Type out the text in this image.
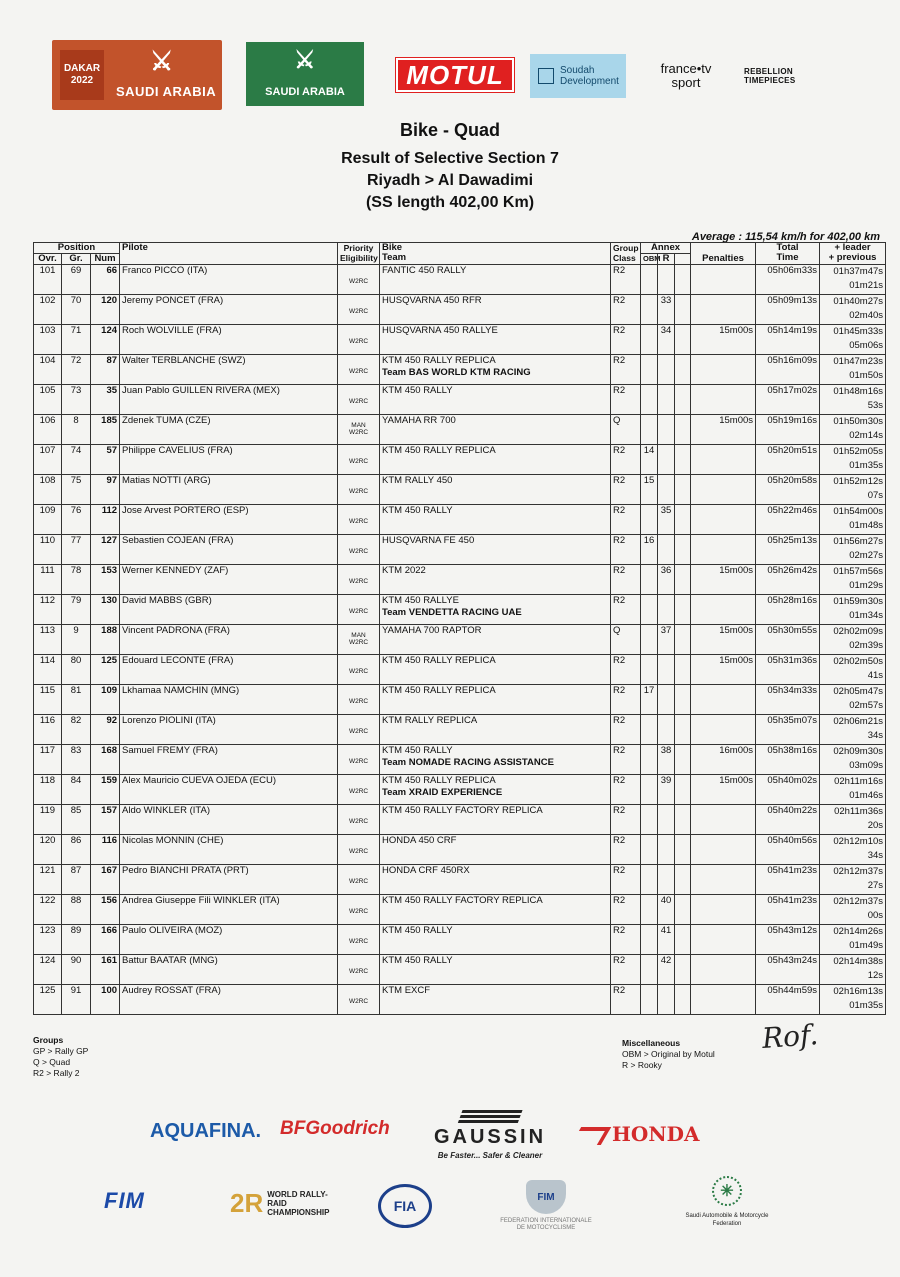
DAKAR
2022
⚔
SAUDI ARABIA
⚔
SAUDI ARABIA
MOTUL	Soudah Development
france•tv
sport
REBELLION TIMEPIECES
Bike - Quad
Result of Selective Section 7
Riyadh > Al Dawadimi
(SS length 402,00 Km)
Average : 115,54 km/h for 402,00 km
Position			Pilote	Priority
Eligibility	Bike
Team	Group
Class	Annex			Penalties	Total
Time	+ leader
+ previous

Ovr.	Gr.	Num					OBM	R				
101	69	66	Franco PICCO (ITA)	W2RC	FANTIC 450 RALLY	R2					05h06m33s	01h37m47s
01m21s

102	70	120	Jeremy PONCET (FRA)	W2RC	HUSQVARNA 450 RFR	R2		33			05h09m13s	01h40m27s
02m40s

103	71	124	Roch WOLVILLE (FRA)	W2RC	HUSQVARNA 450 RALLYE	R2		34		15m00s	05h14m19s	01h45m33s
05m06s

104	72	87	Walter TERBLANCHE (SWZ)	W2RC	KTM 450 RALLY REPLICA
Team BAS WORLD KTM RACING	R2					05h16m09s	01h47m23s
01m50s

105	73	35	Juan Pablo GUILLEN RIVERA (MEX)	W2RC	KTM 450 RALLY	R2					05h17m02s	01h48m16s
53s

106	8	185	Zdenek TUMA (CZE)	MAN
W2RC	YAMAHA RR 700	Q				15m00s	05h19m16s	01h50m30s
02m14s

107	74	57	Philippe CAVELIUS (FRA)	W2RC	KTM 450 RALLY REPLICA	R2	14				05h20m51s	01h52m05s
01m35s

108	75	97	Matias NOTTI (ARG)	W2RC	KTM RALLY 450	R2	15				05h20m58s	01h52m12s
07s

109	76	112	Jose Arvest PORTERO (ESP)	W2RC	KTM 450 RALLY	R2		35			05h22m46s	01h54m00s
01m48s

110	77	127	Sebastien COJEAN (FRA)	W2RC	HUSQVARNA FE 450	R2	16				05h25m13s	01h56m27s
02m27s

111	78	153	Werner KENNEDY (ZAF)	W2RC	KTM 2022	R2		36		15m00s	05h26m42s	01h57m56s
01m29s

112	79	130	David MABBS (GBR)	W2RC	KTM 450 RALLYE
Team VENDETTA RACING UAE	R2					05h28m16s	01h59m30s
01m34s

113	9	188	Vincent PADRONA (FRA)	MAN
W2RC	YAMAHA 700 RAPTOR	Q		37		15m00s	05h30m55s	02h02m09s
02m39s

114	80	125	Edouard LECONTE (FRA)	W2RC	KTM 450 RALLY REPLICA	R2				15m00s	05h31m36s	02h02m50s
41s

115	81	109	Lkhamaa NAMCHIN (MNG)	W2RC	KTM 450 RALLY REPLICA	R2	17				05h34m33s	02h05m47s
02m57s

116	82	92	Lorenzo PIOLINI (ITA)	W2RC	KTM RALLY REPLICA	R2					05h35m07s	02h06m21s
34s

117	83	168	Samuel FREMY (FRA)	W2RC	KTM 450 RALLY
Team NOMADE RACING ASSISTANCE	R2		38		16m00s	05h38m16s	02h09m30s
03m09s

118	84	159	Alex Mauricio CUEVA OJEDA (ECU)	W2RC	KTM 450 RALLY REPLICA
Team XRAID EXPERIENCE	R2		39		15m00s	05h40m02s	02h11m16s
01m46s

119	85	157	Aldo WINKLER (ITA)	W2RC	KTM 450 RALLY FACTORY REPLICA	R2					05h40m22s	02h11m36s
20s

120	86	116	Nicolas MONNIN (CHE)	W2RC	HONDA 450 CRF	R2					05h40m56s	02h12m10s
34s

121	87	167	Pedro BIANCHI PRATA (PRT)	W2RC	HONDA CRF 450RX	R2					05h41m23s	02h12m37s
27s

122	88	156	Andrea Giuseppe Fili WINKLER (ITA)	W2RC	KTM 450 RALLY FACTORY REPLICA	R2		40			05h41m23s	02h12m37s
00s

123	89	166	Paulo OLIVEIRA (MOZ)	W2RC	KTM 450 RALLY	R2		41			05h43m12s	02h14m26s
01m49s

124	90	161	Battur BAATAR (MNG)	W2RC	KTM 450 RALLY	R2		42			05h43m24s	02h14m38s
12s

125	91	100	Audrey ROSSAT (FRA)	W2RC	KTM EXCF	R2					05h44m59s	02h16m13s
01m35s
Groups
GP > Rally GP
Q > Quad
R2 > Rally 2
Miscellaneous
OBM > Original by Motul
R > Rooky
Rof.
AQUAFINA. BFGoodrich GAUSSIN
Be Faster... Safer & Cleaner
HONDA
FIM	2R WORLD RALLY-RAID CHAMPIONSHIP	FIA
FIM
FEDERATION INTERNATIONALE DE MOTOCYCLISME
✳
Saudi Automobile & Motorcycle Federation
